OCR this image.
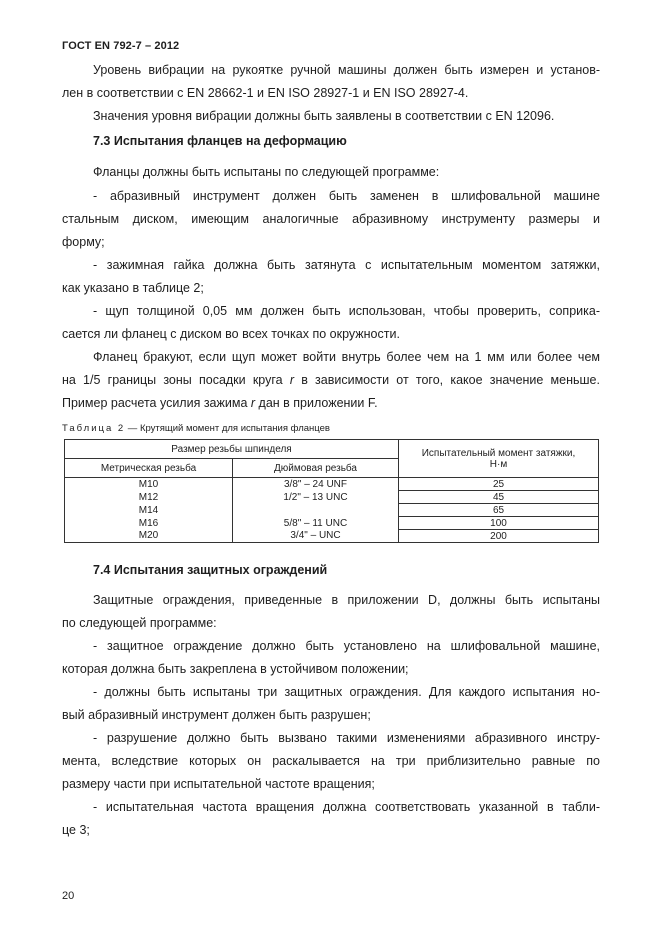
ГОСТ EN 792-7 – 2012
Уровень вибрации на рукоятке ручной машины должен быть измерен и установ-
лен в соответствии с EN 28662-1 и EN ISO 28927-1 и EN ISO 28927-4.
Значения уровня вибрации должны быть заявлены в соответствии с EN 12096.
7.3 Испытания фланцев на деформацию
Фланцы должны быть испытаны по следующей программе:
- абразивный инструмент должен быть заменен в шлифовальной машине
стальным диском, имеющим аналогичные абразивному инструменту размеры и
форму;
- зажимная гайка должна быть затянута с испытательным моментом затяжки,
как указано в таблице 2;
- щуп толщиной 0,05 мм должен быть использован, чтобы проверить, соприка-
сается ли фланец с диском во всех точках по окружности.
Фланец бракуют, если щуп может войти внутрь более чем на 1 мм или более чем
на 1/5 границы зоны посадки круга r в зависимости от того, какое значение меньше.
Пример расчета усилия зажима r дан в приложении F.
Таблица 2 — Крутящий момент для испытания фланцев
Размер резьбы шпинделя		Испытательный момент затяжки,
Н·м
Метрическая резьба	Дюймовая резьба	
M10	3/8" – 24 UNF	25
M12	1/2" – 13 UNC	45
M14		65
M16	5/8" – 11 UNC	100
M20	3/4" – UNC	200
7.4 Испытания защитных ограждений
Защитные ограждения, приведенные в приложении D, должны быть испытаны
по следующей программе:
- защитное ограждение должно быть установлено на шлифовальной машине,
которая должна быть закреплена в устойчивом положении;
- должны быть испытаны три защитных ограждения. Для каждого испытания но-
вый абразивный инструмент должен быть разрушен;
- разрушение должно быть вызвано такими изменениями абразивного инстру-
мента, вследствие которых он раскалывается на три приблизительно равные по
размеру части при испытательной частоте вращения;
- испытательная частота вращения должна соответствовать указанной в табли-
це 3;
20
